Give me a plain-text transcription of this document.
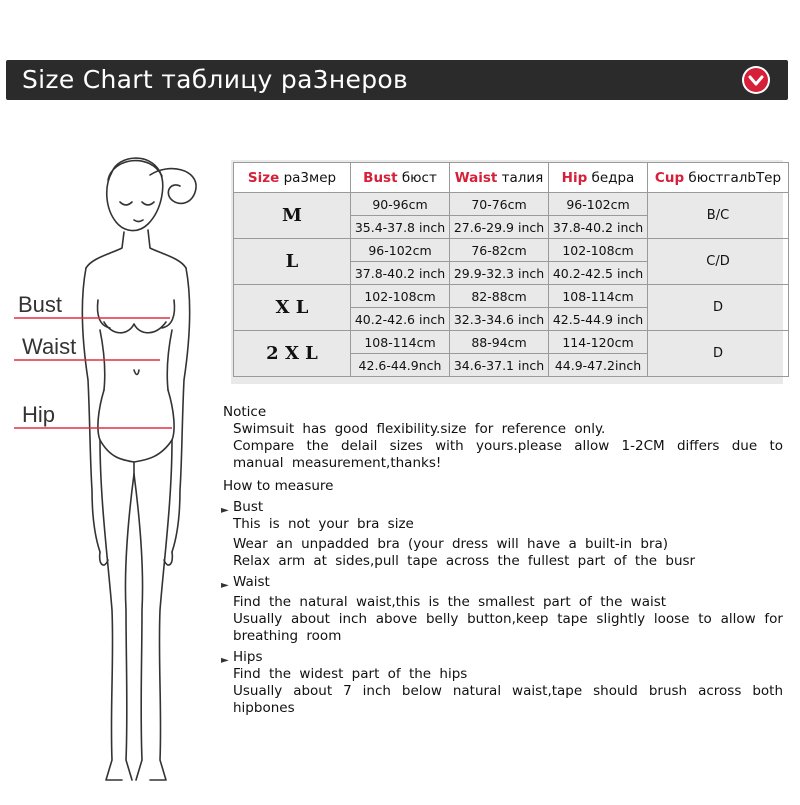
Size Chart таблицу ра3неров
Bust
Waist
Hip
Size ра3мер	Bust бюст	Waist талия	Hip бедра	Cup бюстгалbТер
M	90-96cm	70-76cm	96-102cm	B/C
	35.4-37.8 inch	27.6-29.9 inch	37.8-40.2 inch	
L	96-102cm	76-82cm	102-108cm	C/D
	37.8-40.2 inch	29.9-32.3 inch	40.2-42.5 inch	
X L	102-108cm	82-88cm	108-114cm	D
	40.2-42.6 inch	32.3-34.6 inch	42.5-44.9 inch	
2 X L	108-114cm	88-94cm	114-120cm	D
	42.6-44.9nch	34.6-37.1 inch	44.9-47.2inch	
Notice
Swimsuit has good flexibility.size for reference only.
Compare the delail sizes with yours.please allow 1-2CM differs due to manual measurement,thanks!
How to measure
► Bust
This is not your bra size
Wear an unpadded bra (your dress will have a built-in bra)
Relax arm at sides,pull tape across the fullest part of the busr
► Waist
Find the natural waist,this is the smallest part of the waist
Usually about inch above belly button,keep tape slightly loose to allow for breathing room
► Hips
Find the widest part of the hips
Usually about 7 inch below natural waist,tape should brush across both hipbones
